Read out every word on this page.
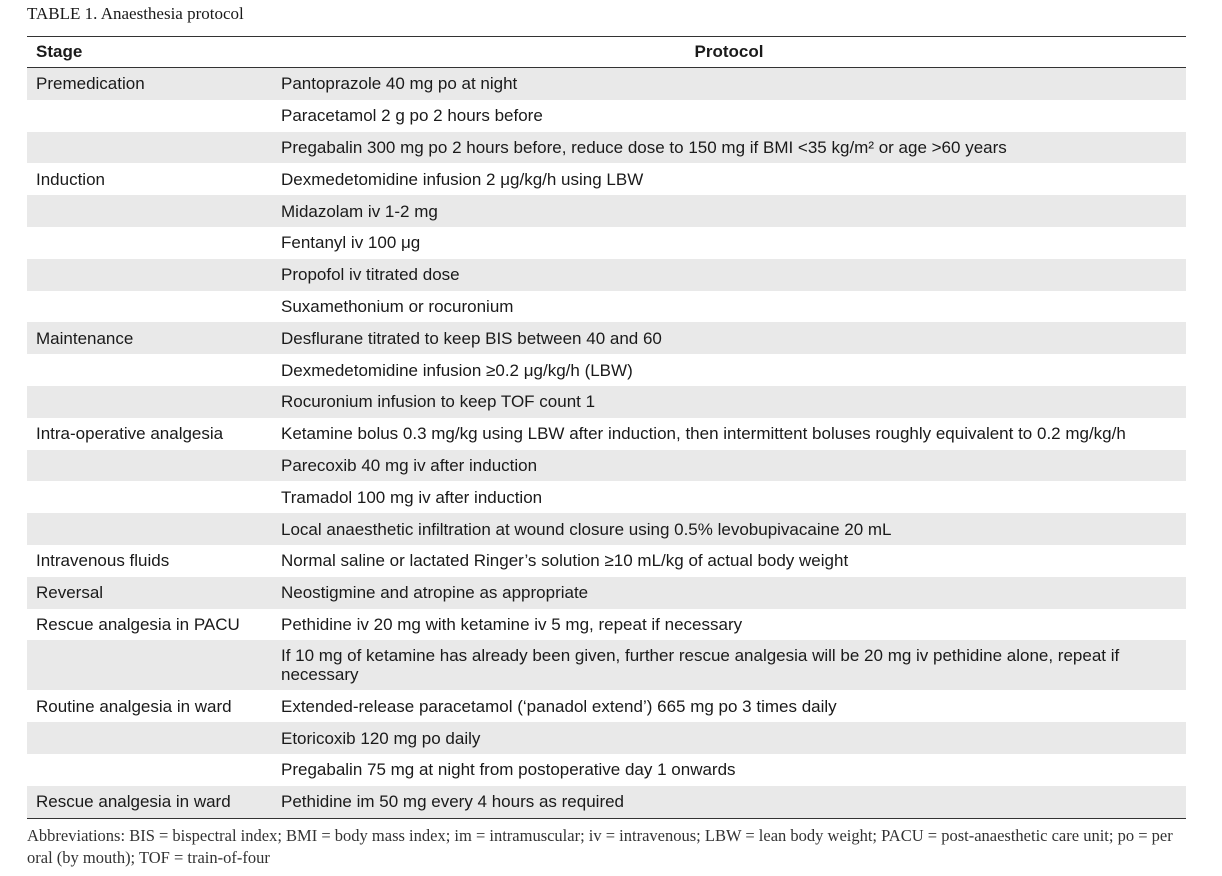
TABLE 1. Anaesthesia protocol
Stage	Protocol
Premedication	Pantoprazole 40 mg po at night
	Paracetamol 2 g po 2 hours before
	Pregabalin 300 mg po 2 hours before, reduce dose to 150 mg if BMI <35 kg/m² or age >60 years
Induction	Dexmedetomidine infusion 2 μg/kg/h using LBW
	Midazolam iv 1-2 mg
	Fentanyl iv 100 μg
	Propofol iv titrated dose
	Suxamethonium or rocuronium
Maintenance	Desflurane titrated to keep BIS between 40 and 60
	Dexmedetomidine infusion ≥0.2 μg/kg/h (LBW)
	Rocuronium infusion to keep TOF count 1
Intra-operative analgesia	Ketamine bolus 0.3 mg/kg using LBW after induction, then intermittent boluses roughly equivalent to 0.2 mg/kg/h
	Parecoxib 40 mg iv after induction
	Tramadol 100 mg iv after induction
	Local anaesthetic infiltration at wound closure using 0.5% levobupivacaine 20 mL
Intravenous fluids	Normal saline or lactated Ringer’s solution ≥10 mL/kg of actual body weight
Reversal	Neostigmine and atropine as appropriate
Rescue analgesia in PACU	Pethidine iv 20 mg with ketamine iv 5 mg, repeat if necessary
	If 10 mg of ketamine has already been given, further rescue analgesia will be 20 mg iv pethidine alone, repeat if necessary
Routine analgesia in ward	Extended-release paracetamol (‘panadol extend’) 665 mg po 3 times daily
	Etoricoxib 120 mg po daily
	Pregabalin 75 mg at night from postoperative day 1 onwards
Rescue analgesia in ward	Pethidine im 50 mg every 4 hours as required
Abbreviations: BIS = bispectral index; BMI = body mass index; im = intramuscular; iv = intravenous; LBW = lean body weight; PACU = post-anaesthetic care unit; po = per oral (by mouth); TOF = train-of-four
